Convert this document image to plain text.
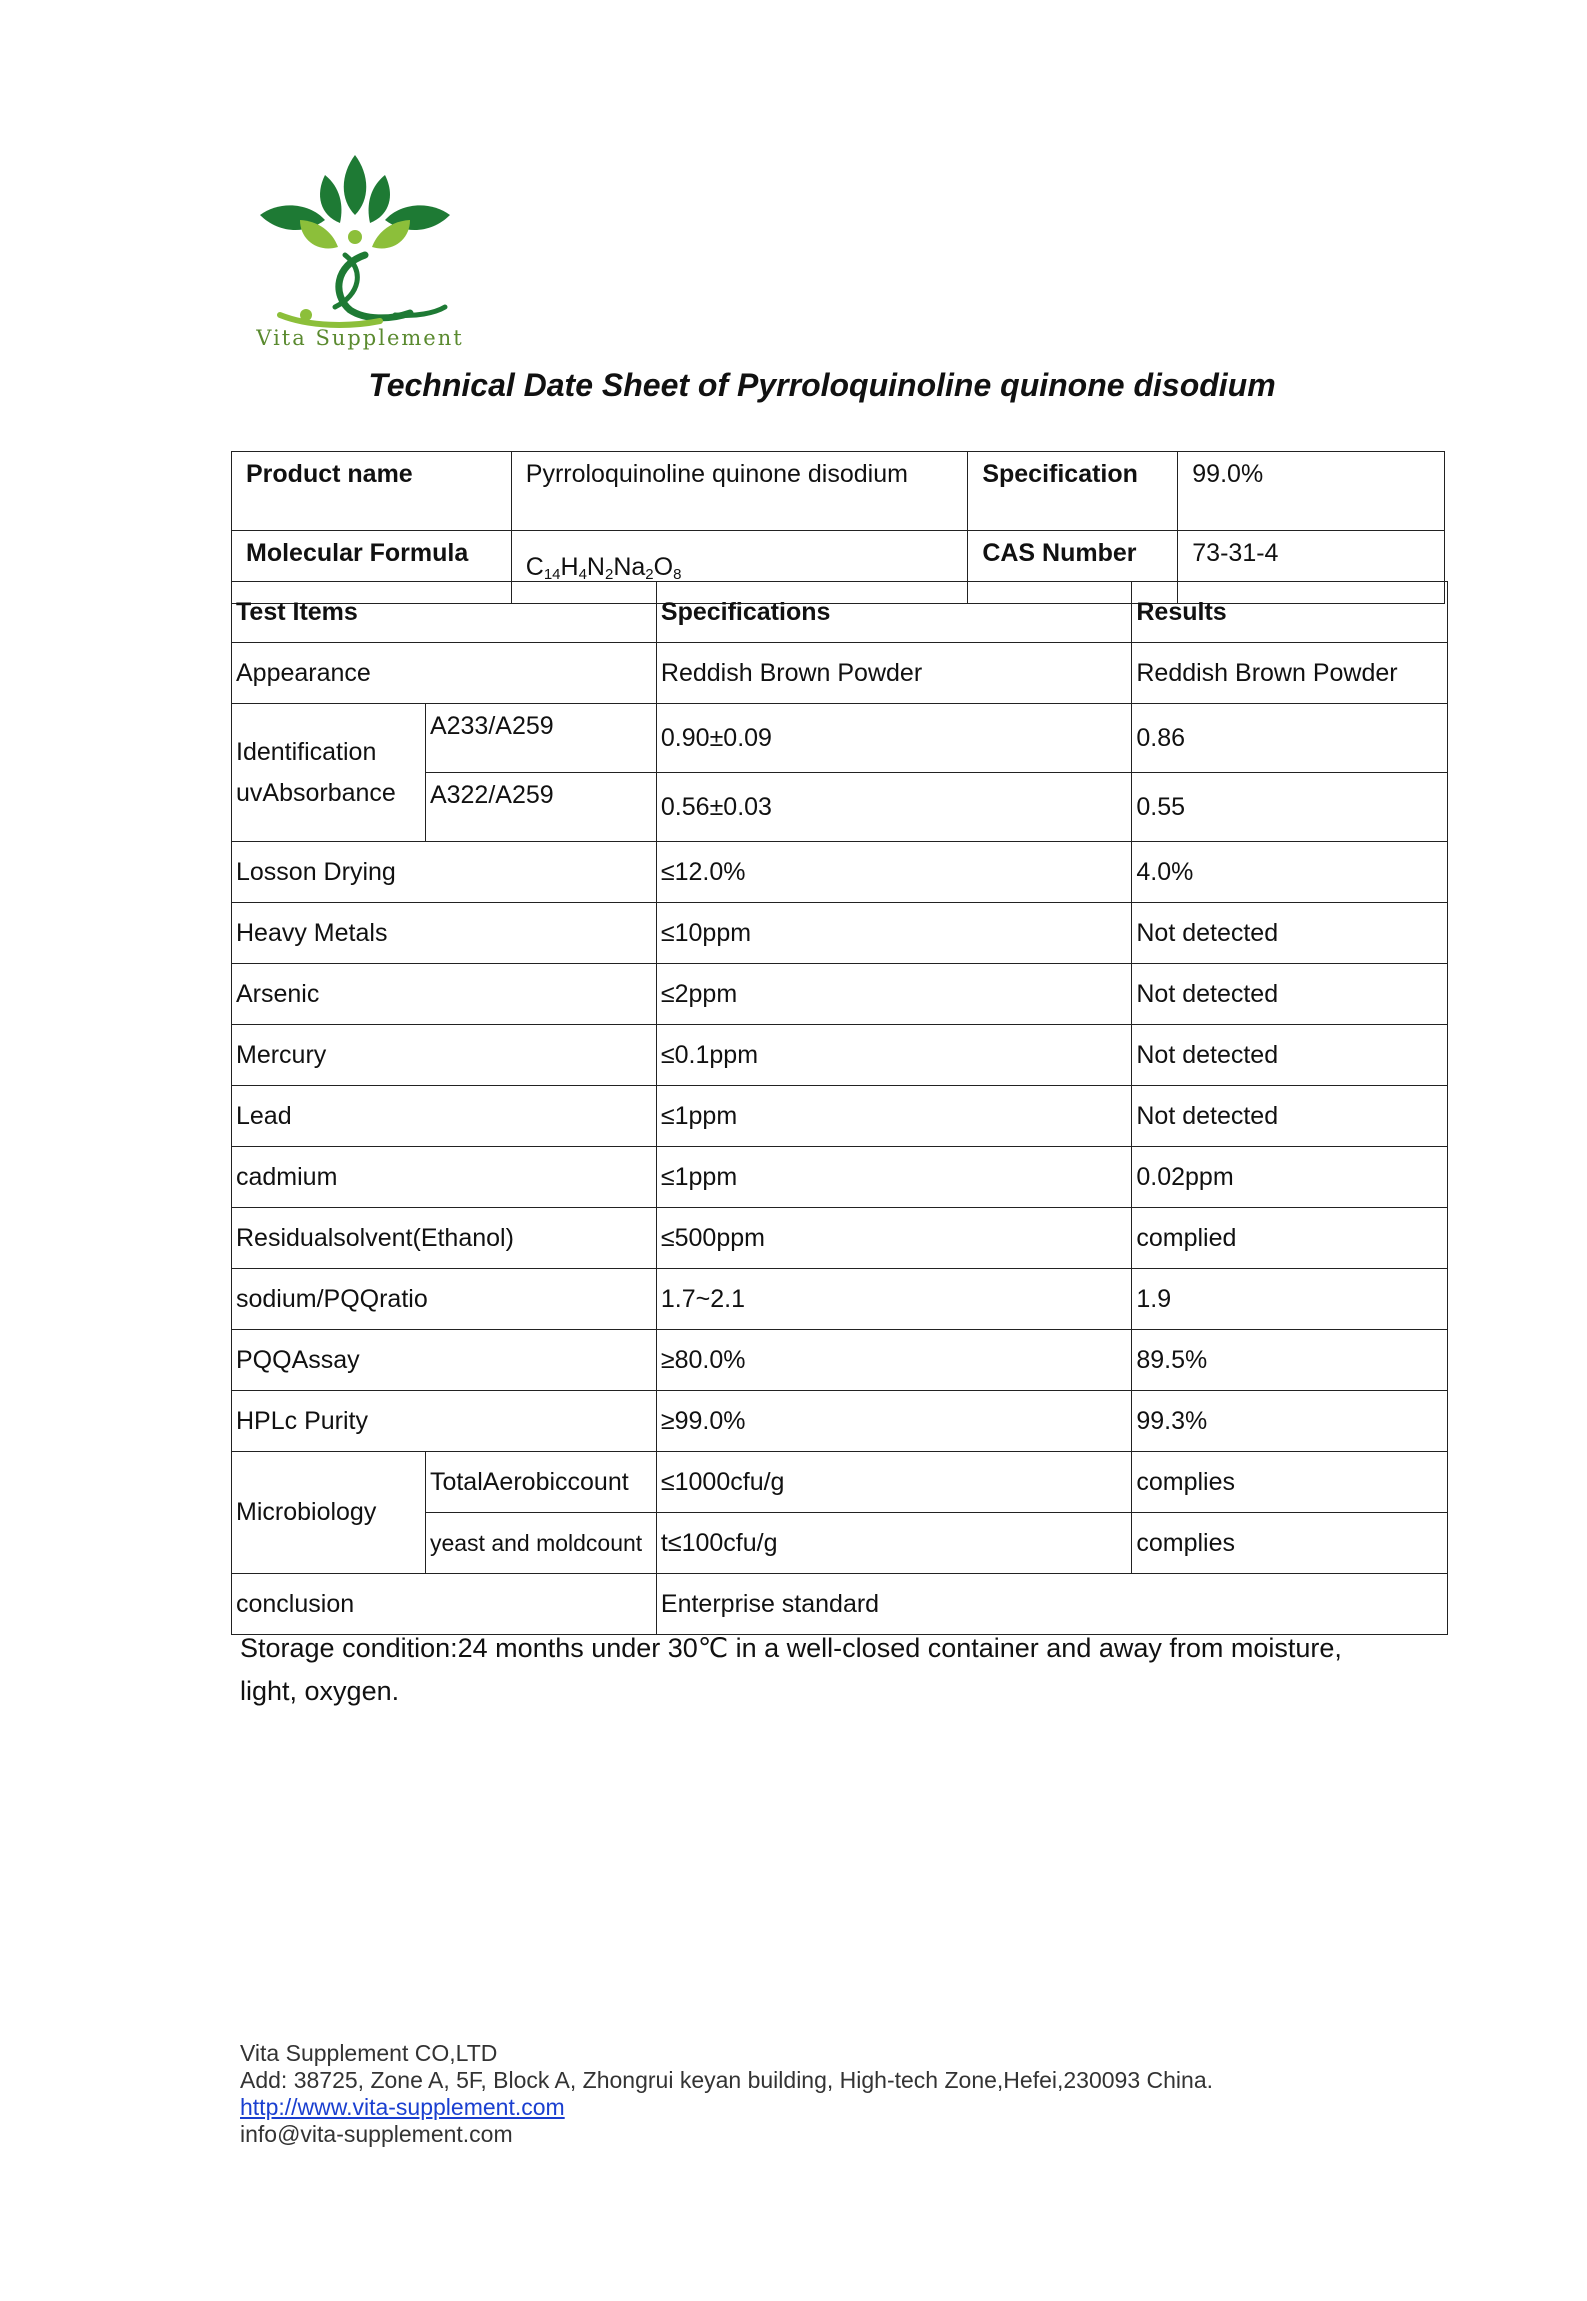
Vita Supplement
Technical Date Sheet of Pyrroloquinoline quinone disodium
Product name	Pyrroloquinoline quinone disodium	Specification	99.0%
Molecular Formula	$C_{14}H_4N_2Na_2O_8$	CAS Number	73-31-4
Test Items		Specifications	Results
Appearance		Reddish Brown Powder	Reddish Brown Powder

Identification
uvAbsorbance	A233/A259	0.90±0.09	0.86
	A322/A259	0.56±0.03	0.55
Losson Drying		≤12.0%	4.0%
Heavy Metals		≤10ppm	Not detected
Arsenic		≤2ppm	Not detected
Mercury		≤0.1ppm	Not detected
Lead		≤1ppm	Not detected
cadmium		≤1ppm	0.02ppm
Residualsolvent(Ethanol)		≤500ppm	complied
sodium/PQQratio		1.7~2.1	1.9
PQQAssay		≥80.0%	89.5%
HPLc Purity		≥99.0%	99.3%
Microbiology	TotalAerobiccount	≤1000cfu/g	complies
	yeast and moldcount	t≤100cfu/g	complies
conclusion		Enterprise standard	
Storage condition:24 months under 30℃ in a well-closed container and away from moisture, light, oxygen.
Vita Supplement CO,LTD
Add: 38725, Zone A, 5F, Block A, Zhongrui keyan building, High-tech Zone,Hefei,230093 China.
http://www.vita-supplement.com
info@vita-supplement.com
